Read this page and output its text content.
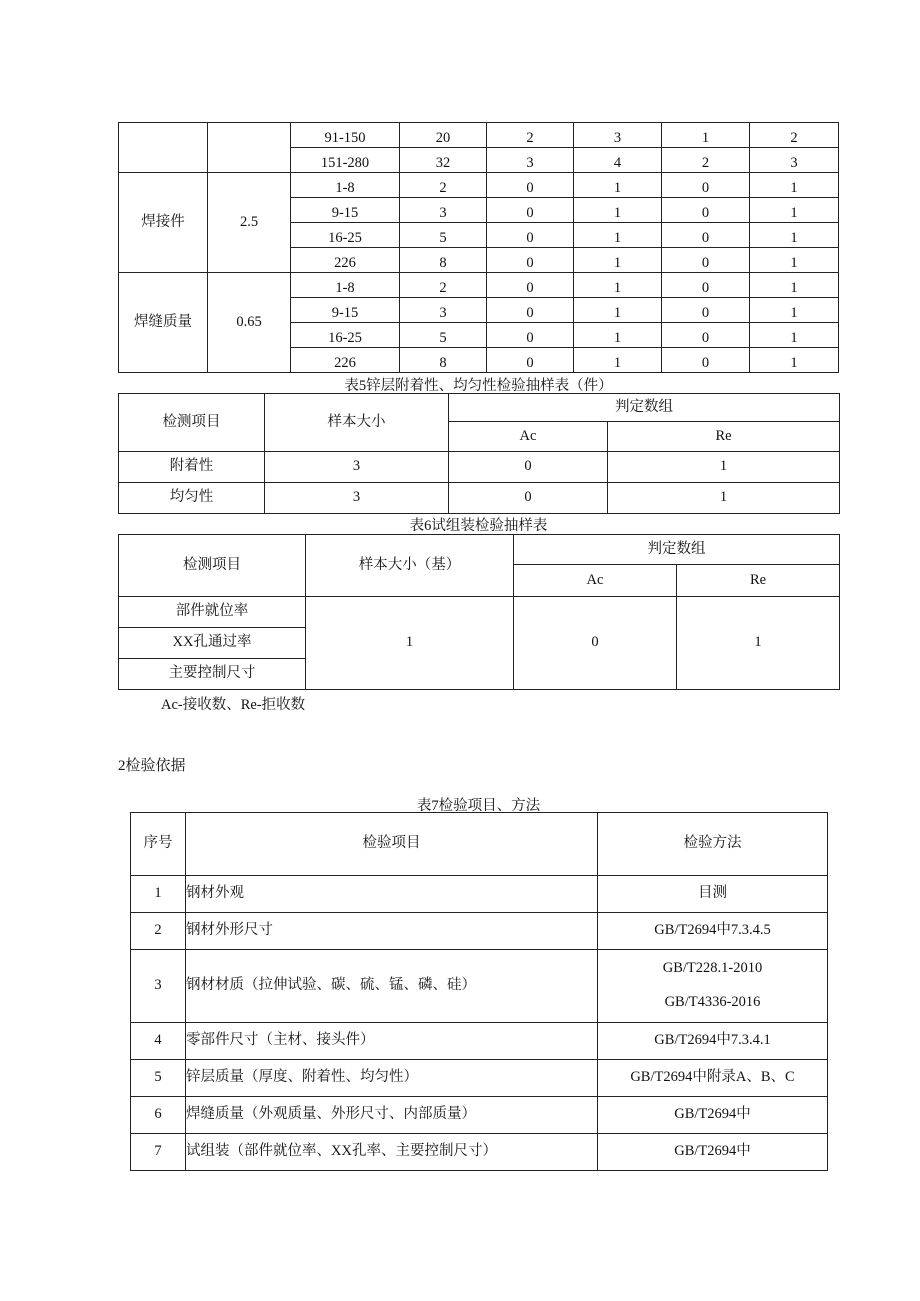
		91-150	20	2	3	1	2
		151-280	32	3	4	2	3
焊接件	2.5	1-8	2	0	1	0	1
		9-15	3	0	1	0	1
		16-25	5	0	1	0	1
		226	8	0	1	0	1
焊缝质量	0.65	1-8	2	0	1	0	1
		9-15	3	0	1	0	1
		16-25	5	0	1	0	1
		226	8	0	1	0	1
表5锌层附着性、均匀性检验抽样表（件）
检测项目	样本大小	判定数组	
		Ac	Re
附着性	3	0	1
均匀性	3	0	1
表6试组装检验抽样表
检测项目	样本大小（基）	判定数组	
		Ac	Re
部件就位率	1	0	1
XX孔通过率			
主要控制尺寸			
Ac-接收数、Re-拒收数
2检验依据
表7检验项目、方法
序号	检验项目	检验方法
1	钢材外观	目测

2	钢材外形尺寸	GB/T2694中7.3.4.5

3	钢材材质（拉伸试验、碳、硫、锰、磷、硅）	GB/T228.1-2010
GB/T4336-2016

4	零部件尺寸（主材、接头件）	GB/T2694中7.3.4.1

5	锌层质量（厚度、附着性、均匀性）	GB/T2694中附录A、B、C

6	焊缝质量（外观质量、外形尺寸、内部质量）	GB/T2694中

7	试组装（部件就位率、XX孔率、主要控制尺寸）	GB/T2694中
